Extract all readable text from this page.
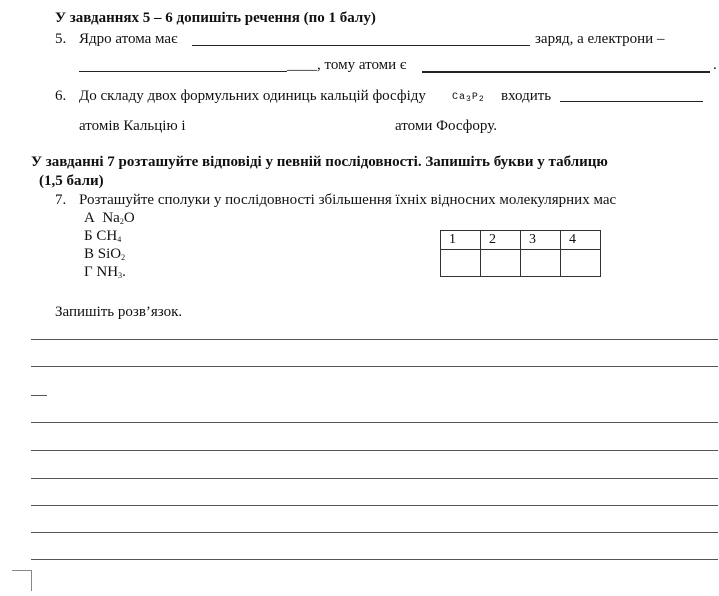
У завданнях 5 – 6 допишіть речення (по 1 балу)
5. Ядро атома має	заряд, а електрони –
____, тому атоми є	.
6. До складу двох формульних одиниць кальцій фосфіду	$Ca_3P_2$ входить
атомів Кальцію і	атоми Фосфору.
У завданні 7 розташуйте відповіді у певній послідовності. Запишіть букви у таблицю
(1,5 бали)
7. Розташуйте сполуки у послідовності збільшення їхніх відносних молекулярних мас
А $Na_2O$
Б $CH_4$
В SiO$_2$
Г $NH_3$.
1	2	3	4

Запишіть розв’язок.
